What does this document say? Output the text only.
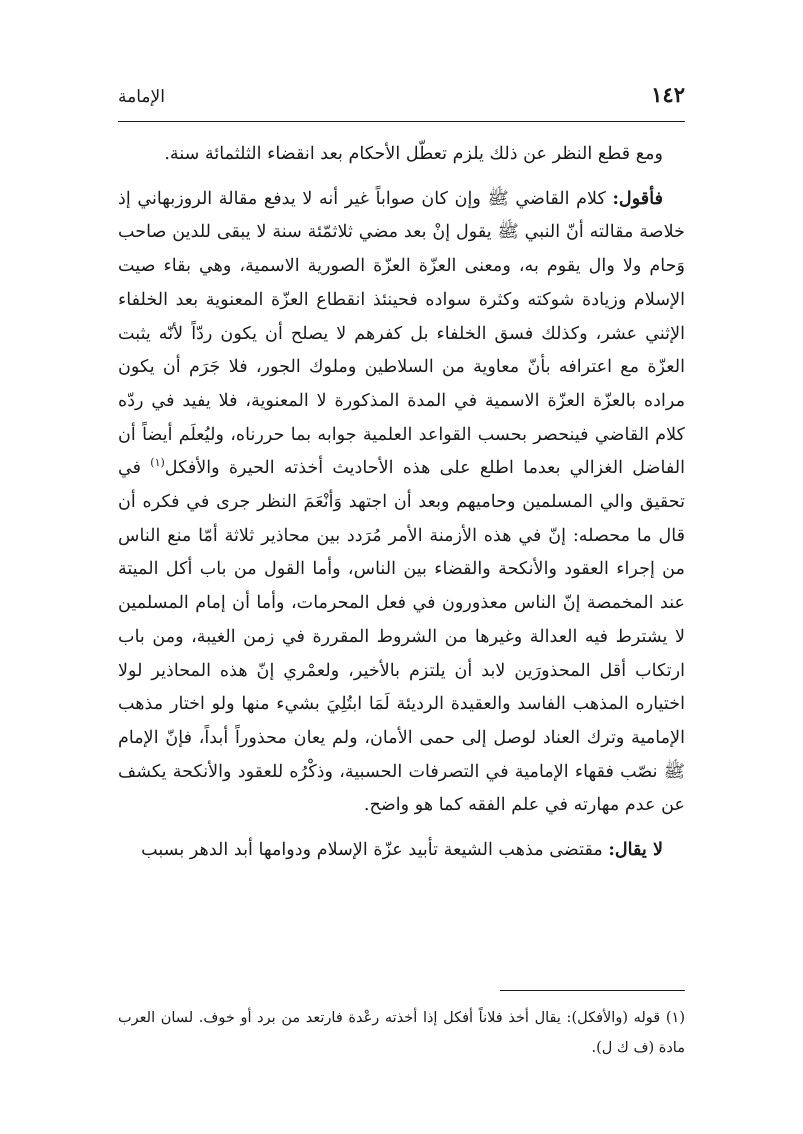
١٤٢
الإمامة

ومع قطع النظر عن ذلك يلزم تعطّل الأحكام بعد انقضاء الثلثمائة سنة.

فأقول: كلام القاضي ﷺ وإن كان صواباً غير أنه لا يدفع مقالة الروزبهاني إذ خلاصة مقالته أنّ النبي ﷺ يقول إنْ بعد مضي ثلاثمّئة سنة لا يبقى للدين صاحب وَحام ولا وال يقوم به، ومعنى العزّة العزّة الصورية الاسمية، وهي بقاء صيت الإسلام وزيادة شوكته وكثرة سواده فحينئذ انقطاع العزّة المعنوية بعد الخلفاء الإثني عشر، وكذلك فسق الخلفاء بل كفرهم لا يصلح أن يكون ردّاً لأنّه يثبت العزّة مع اعترافه بأنّ معاوية من السلاطين وملوك الجور، فلا جَرَم أن يكون مراده بالعزّة العزّة الاسمية في المدة المذكورة لا المعنوية، فلا يفيد في ردّه كلام القاضي فينحصر بحسب القواعد العلمية جوابه بما حررناه، وليُعلَم أيضاً أن الفاضل الغزالي بعدما اطلع على هذه الأحاديث أخذته الحيرة والأفكل$^{(١)}$ في تحقيق والي المسلمين وحاميهم وبعد أن اجتهد وَأنْعَمَ النظر جرى في فكره أن قال ما محصله: إنّ في هذه الأزمنة الأمر مُرَدد بين محاذير ثلاثة أمّا منع الناس من إجراء العقود والأنكحة والقضاء بين الناس، وأما القول من باب أكل الميتة عند المخمصة إنّ الناس معذورون في فعل المحرمات، وأما أن إمام المسلمين لا يشترط فيه العدالة وغيرها من الشروط المقررة في زمن الغيبة، ومن باب ارتكاب أقل المحذورَين لابد أن يلتزم بالأخير، ولعمْري إنّ هذه المحاذير لولا اختياره المذهب الفاسد والعقيدة الرديئة لَمَا ابتُلِيَ بشيء منها ولو اختار مذهب الإمامية وترك العناد لوصل إلى حمى الأمان، ولم يعان محذوراً أبداً، فإنّ الإمام ﷺ نصّب فقهاء الإمامية في التصرفات الحسبية، وذكْرُه للعقود والأنكحة يكشف عن عدم مهارته في علم الفقه كما هو واضح.

لا يقال: مقتضى مذهب الشيعة تأبيد عزّة الإسلام ودوامها أبد الدهر بسبب

(١) قوله (والأفكل): يقال أخذ فلاناً أفكل إذا أخذته رعْدة فارتعد من برد أو خوف. لسان العرب مادة (ف ك ل).
